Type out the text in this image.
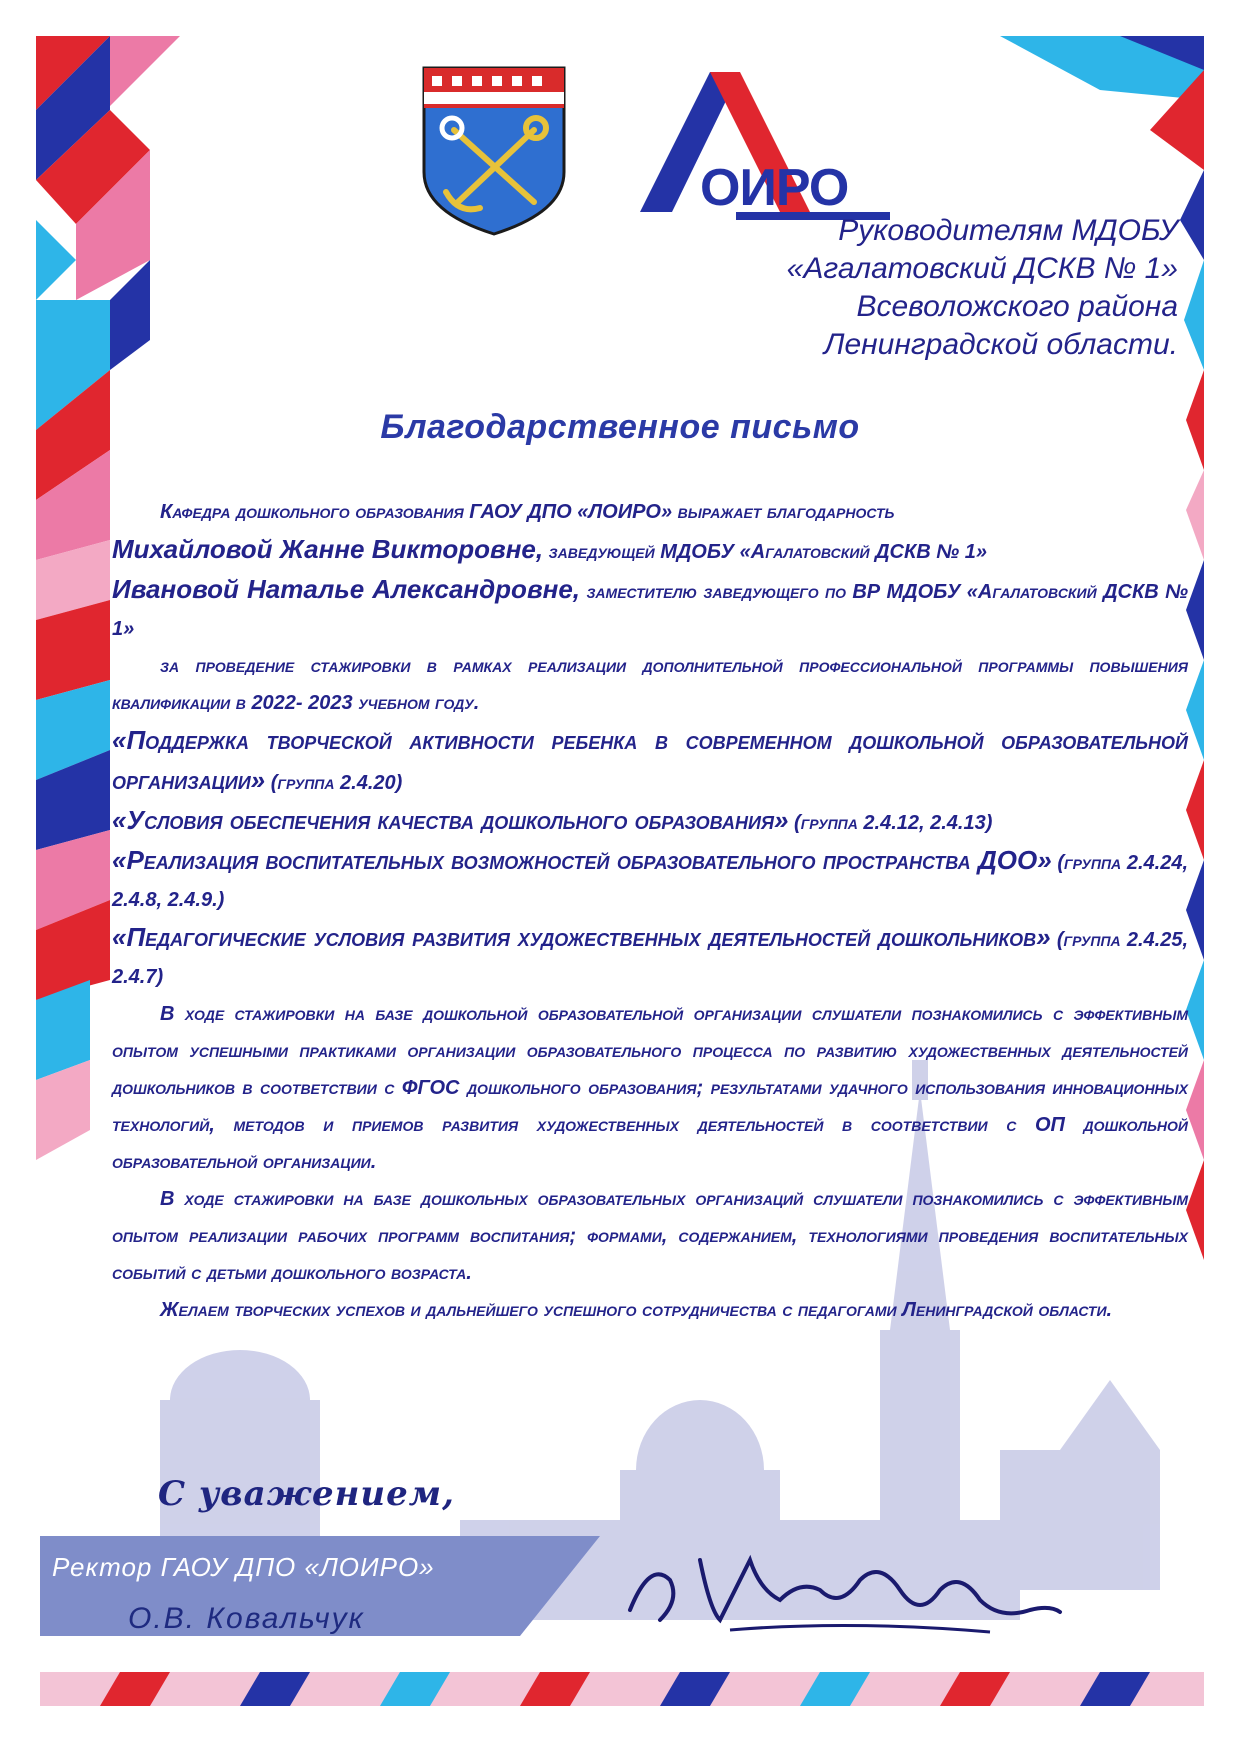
ОИРО
Руководителям МДОБУ
«Агалатовский ДСКВ № 1»
Всеволожского района
Ленинградской области.
Благодарственное письмо

Кафедра дошкольного образования ГАОУ ДПО «ЛОИРО» выражает благодарность

Михайловой Жанне Викторовне, заведующей МДОБУ «Агалатовский ДСКВ № 1»

Ивановой Наталье Александровне, заместителю заведующего по ВР МДОБУ «Агалатовский ДСКВ № 1»

за проведение стажировки в рамках реализации дополнительной профессиональной программы повышения квалификации в 2022- 2023 учебном году.

«Поддержка творческой активности ребенка в современном дошкольной образовательной организации» (группа 2.4.20)

«Условия обеспечения качества дошкольного образования» (группа 2.4.12, 2.4.13)

«Реализация воспитательных возможностей образовательного пространства ДОО» (группа 2.4.24, 2.4.8, 2.4.9.)

«Педагогические условия развития художественных деятельностей дошкольников» (группа 2.4.25, 2.4.7)

В ходе стажировки на базе дошкольной образовательной организации слушатели познакомились с эффективным опытом успешными практиками организации образовательного процесса по развитию художественных деятельностей дошкольников в соответствии с ФГОС дошкольного образования; результатами удачного использования инновационных технологий, методов и приемов развития художественных деятельностей в соответствии с ОП дошкольной образовательной организации.

В ходе стажировки на базе дошкольных образовательных организаций слушатели познакомились с эффективным опытом реализации рабочих программ воспитания; формами, содержанием, технологиями проведения воспитательных событий с детьми дошкольного возраста.

Желаем творческих успехов и дальнейшего успешного сотрудничества с педагогами Ленинградской области.

С уважением,
Ректор ГАОУ ДПО «ЛОИРО»
О.В. Ковальчук
